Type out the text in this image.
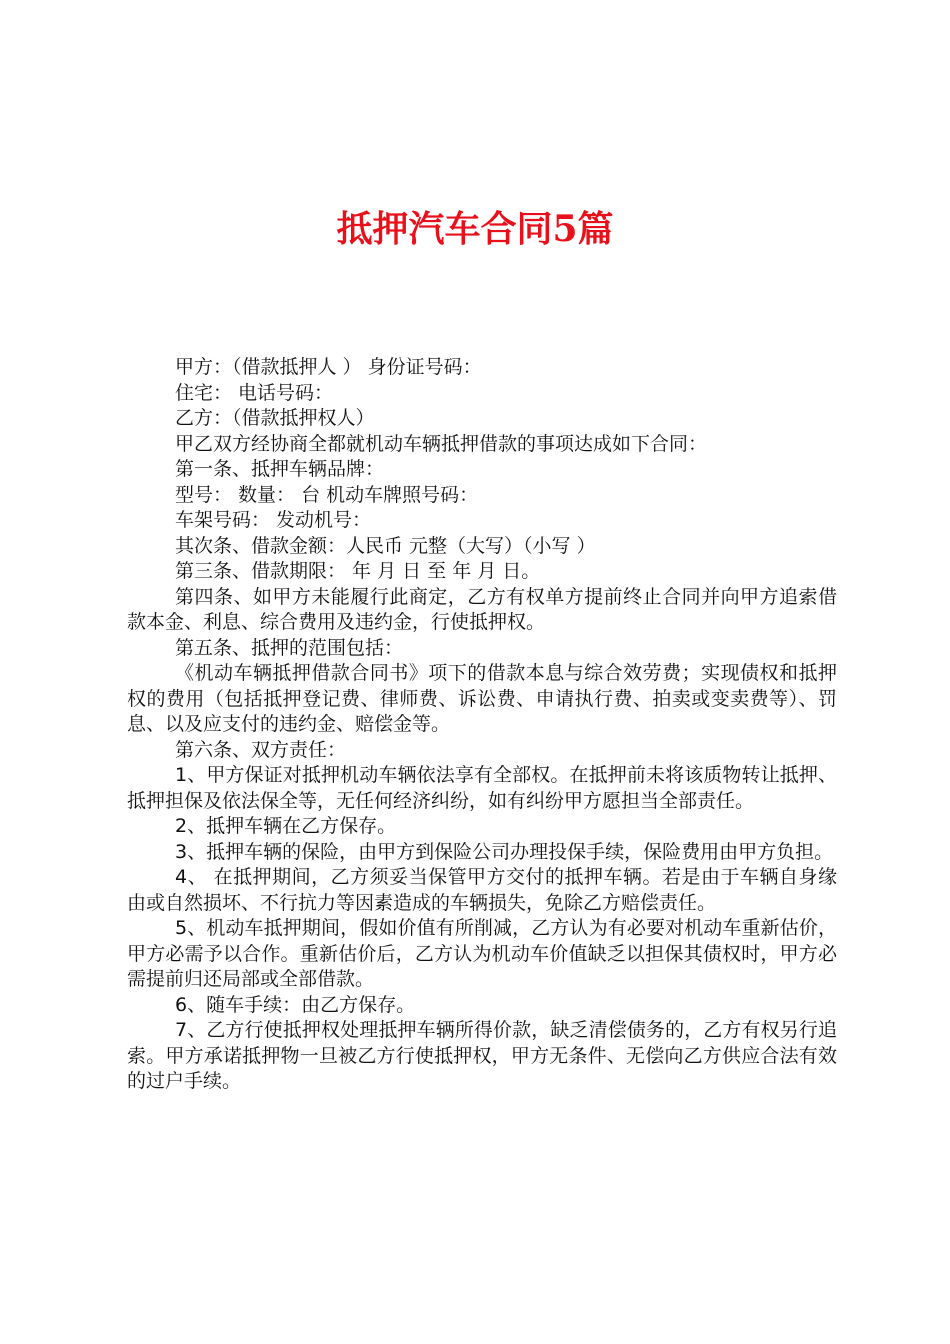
抵押汽车合同5篇

甲方：（借款抵押人 ） 身份证号码：

住宅： 电话号码：

乙方：（借款抵押权人）

甲乙双方经协商全都就机动车辆抵押借款的事项达成如下合同：

第一条、抵押车辆品牌：

型号： 数量： 台 机动车牌照号码：

车架号码： 发动机号：

其次条、借款金额：人民币 元整（大写）（小写 ）

第三条、借款期限： 年 月 日 至 年 月 日。

第四条、如甲方未能履行此商定，乙方有权单方提前终止合同并向甲方追索借款本金、利息、综合费用及违约金，行使抵押权。

第五条、抵押的范围包括：

《机动车辆抵押借款合同书》项下的借款本息与综合效劳费；实现债权和抵押权的费用（包括抵押登记费、律师费、诉讼费、申请执行费、拍卖或变卖费等）、罚息、以及应支付的违约金、赔偿金等。

第六条、双方责任：

1、甲方保证对抵押机动车辆依法享有全部权。在抵押前未将该质物转让抵押、抵押担保及依法保全等，无任何经济纠纷，如有纠纷甲方愿担当全部责任。

2、抵押车辆在乙方保存。

3、抵押车辆的保险，由甲方到保险公司办理投保手续，保险费用由甲方负担。

4、 在抵押期间，乙方须妥当保管甲方交付的抵押车辆。若是由于车辆自身缘由或自然损坏、不行抗力等因素造成的车辆损失，免除乙方赔偿责任。

5、机动车抵押期间，假如价值有所削减，乙方认为有必要对机动车重新估价，甲方必需予以合作。重新估价后，乙方认为机动车价值缺乏以担保其债权时，甲方必需提前归还局部或全部借款。

6、随车手续：由乙方保存。

7、乙方行使抵押权处理抵押车辆所得价款，缺乏清偿债务的，乙方有权另行追索。甲方承诺抵押物一旦被乙方行使抵押权，甲方无条件、无偿向乙方供应合法有效的过户手续。
